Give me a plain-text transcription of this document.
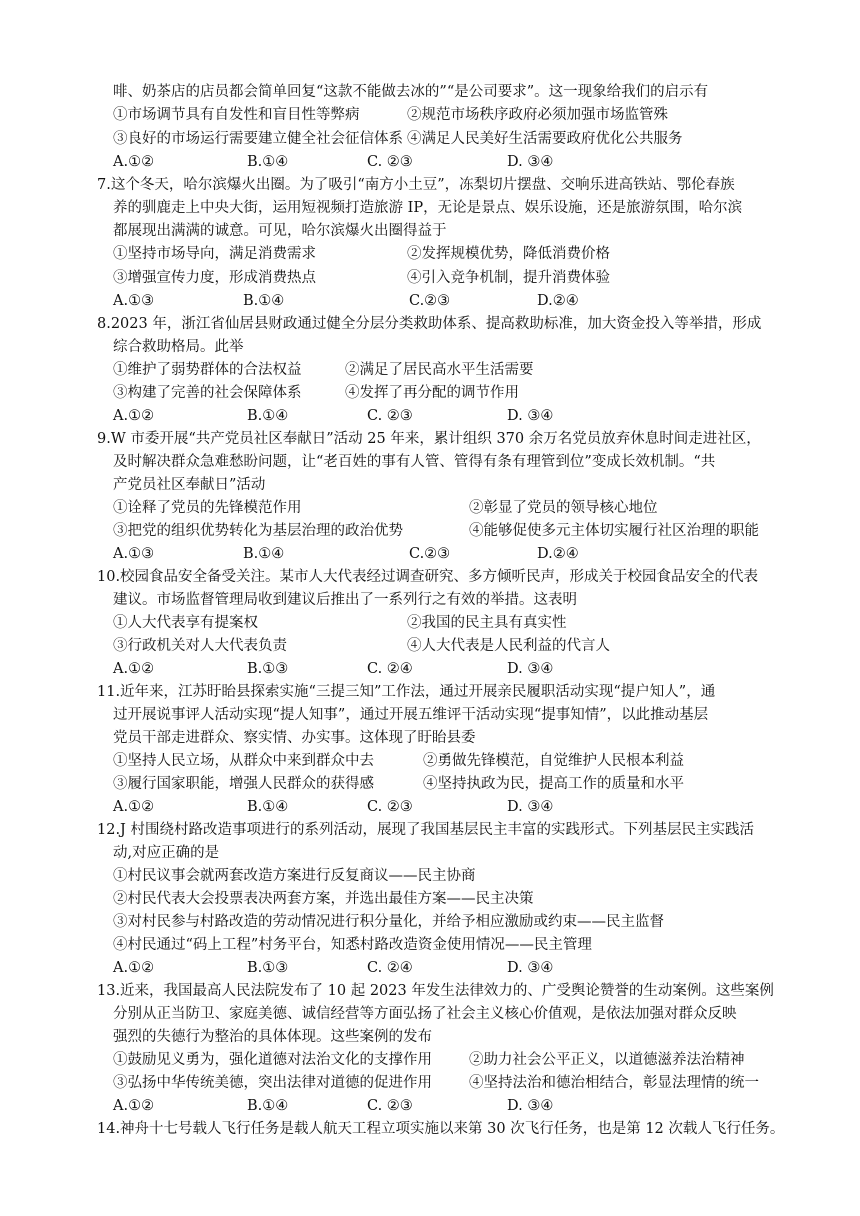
啡、奶茶店的店员都会简单回复“这款不能做去冰的”“是公司要求”。这一现象给我们的启示有
①市场调节具有自发性和盲目性等弊病	②规范市场秩序政府必须加强市场监管殊
③良好的市场运行需要建立健全社会征信体系 ④满足人民美好生活需要政府优化公共服务
A.①②	B.①④	C. ②③	D. ③④
7.这个冬天，哈尔滨爆火出圈。为了吸引“南方小土豆”，冻梨切片摆盘、交响乐进高铁站、鄂伦春族
养的驯鹿走上中央大街，运用短视频打造旅游 IP，无论是景点、娱乐设施，还是旅游氛围，哈尔滨
都展现出满满的诚意。可见，哈尔滨爆火出圈得益于
①坚持市场导向，满足消费需求	②发挥规模优势，降低消费价格
③增强宣传力度，形成消费热点	④引入竞争机制，提升消费体验
A.①③	B.①④	C.②③	D.②④
8.2023 年，浙江省仙居县财政通过健全分层分类救助体系、提高救助标准，加大资金投入等举措，形成
综合救助格局。此举
①维护了弱势群体的合法权益	②满足了居民高水平生活需要
③构建了完善的社会保障体系	④发挥了再分配的调节作用
A.①②	B.①④	C. ②③	D. ③④
9.W 市委开展“共产党员社区奉献日”活动 25 年来，累计组织 370 余万名党员放弃休息时间走进社区，
及时解决群众急难愁盼问题，让“老百姓的事有人管、管得有条有理管到位”变成长效机制。“共
产党员社区奉献日”活动
①诠释了党员的先锋模范作用	②彰显了党员的领导核心地位
③把党的组织优势转化为基层治理的政治优势	④能够促使多元主体切实履行社区治理的职能
A.①③	B.①④	C.②③	D.②④
10.校园食品安全备受关注。某市人大代表经过调查研究、多方倾听民声，形成关于校园食品安全的代表
建议。市场监督管理局收到建议后推出了一系列行之有效的举措。这表明
①人大代表享有提案权	②我国的民主具有真实性
③行政机关对人大代表负责	④人大代表是人民利益的代言人
A.①②	B.①③	C. ②④	D. ③④
11.近年来，江苏盱眙县探索实施“三提三知”工作法，通过开展亲民履职活动实现“提户知人”，通
过开展说事评人活动实现“提人知事”，通过开展五维评干活动实现“提事知情”，以此推动基层
党员干部走进群众、察实情、办实事。这体现了盱眙县委
①坚持人民立场，从群众中来到群众中去	②勇做先锋模范，自觉维护人民根本利益
③履行国家职能，增强人民群众的获得感	④坚持执政为民，提高工作的质量和水平
A.①②	B.①④	C. ②③	D. ③④
12.J 村围绕村路改造事项进行的系列活动，展现了我国基层民主丰富的实践形式。下列基层民主实践活
动,对应正确的是
①村民议事会就两套改造方案进行反复商议——民主协商
②村民代表大会投票表决两套方案，并选出最佳方案——民主决策
③对村民参与村路改造的劳动情况进行积分量化，并给予相应激励或约束——民主监督
④村民通过“码上工程”村务平台，知悉村路改造资金使用情况——民主管理
A.①②	B.①③	C. ②④	D. ③④
13.近来，我国最高人民法院发布了 10 起 2023 年发生法律效力的、广受舆论赞誉的生动案例。这些案例
分别从正当防卫、家庭美德、诚信经营等方面弘扬了社会主义核心价值观，是依法加强对群众反映
强烈的失德行为整治的具体体现。这些案例的发布
①鼓励见义勇为，强化道德对法治文化的支撑作用	②助力社会公平正义，以道德滋养法治精神
③弘扬中华传统美德，突出法律对道德的促进作用	④坚持法治和德治相结合，彰显法理情的统一
A.①②	B.①④	C. ②③	D. ③④
14.神舟十七号载人飞行任务是载人航天工程立项实施以来第 30 次飞行任务，也是第 12 次载人飞行任务。
